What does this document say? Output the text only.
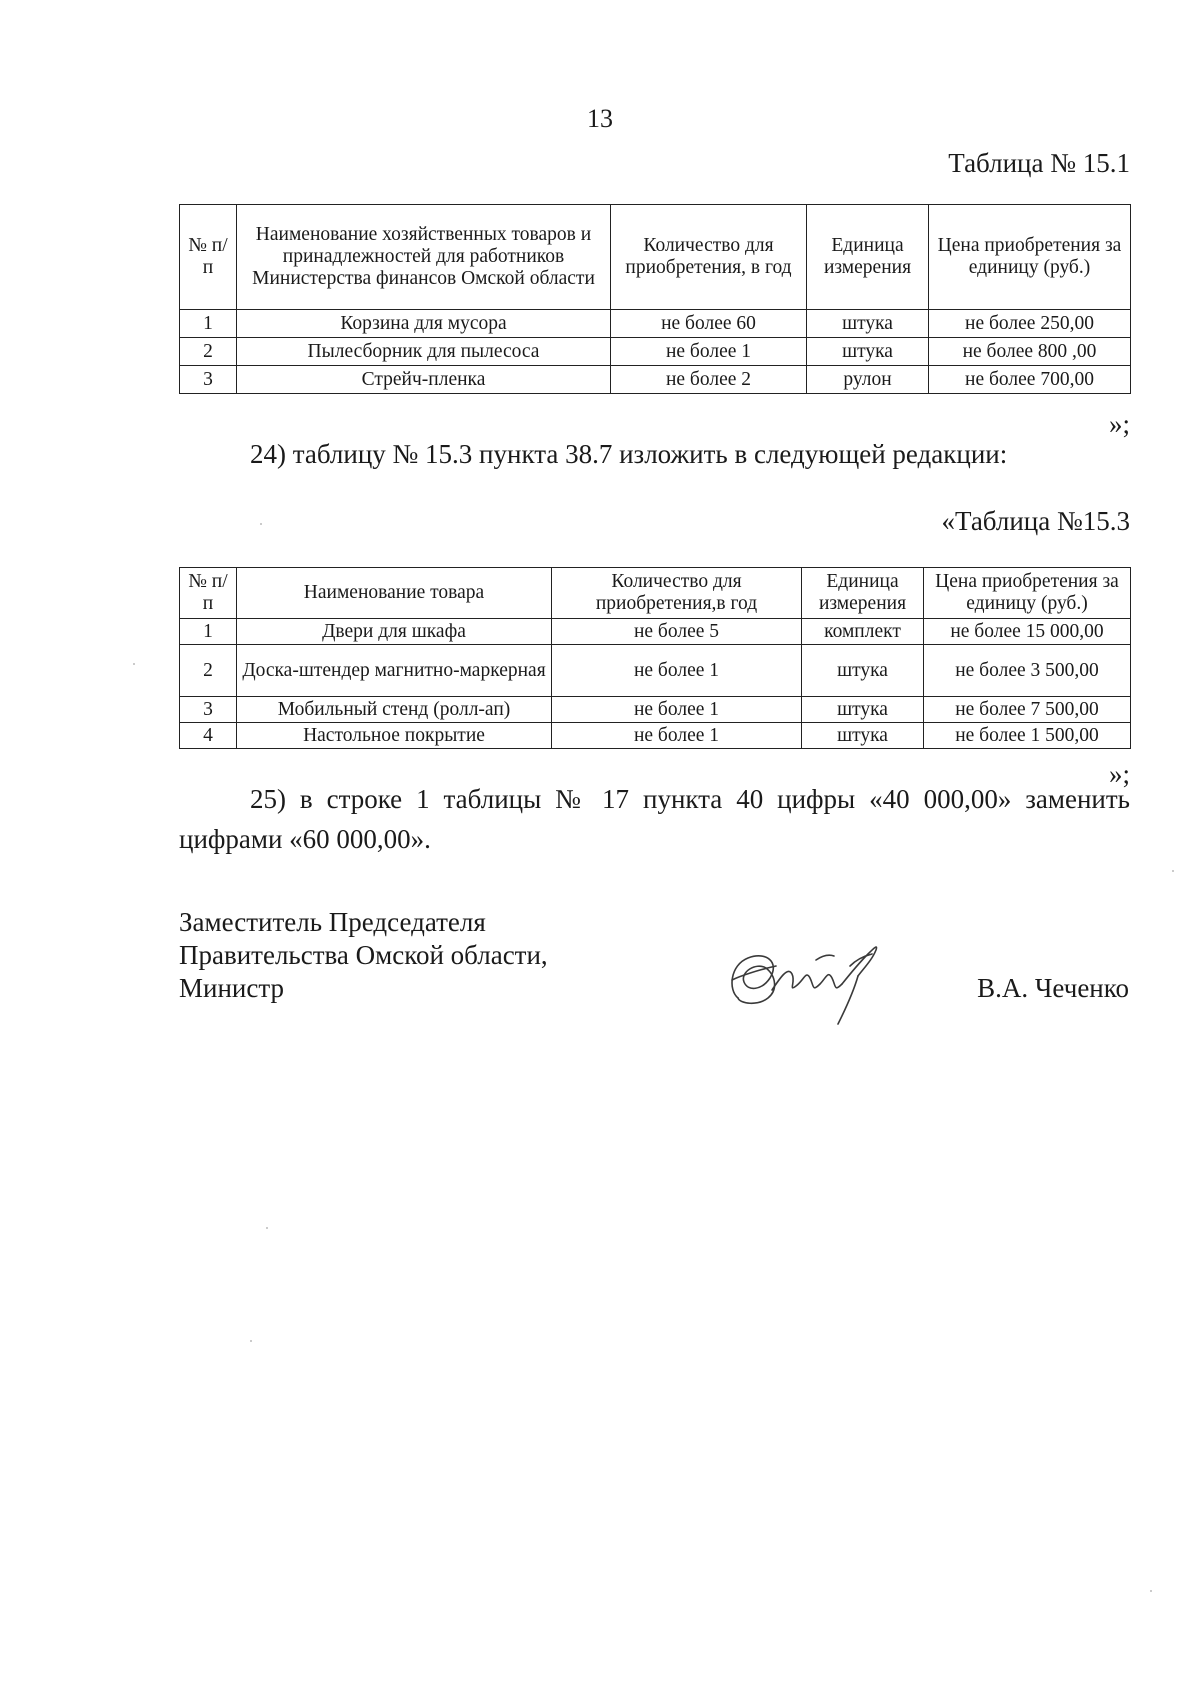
13
Таблица № 15.1
№ п/п	Наименование хозяйственных товаров и принадлежностей для работников Министерства финансов Омской области	Количество для приобретения, в год	Единица измерения	Цена приобретения за единицу (руб.)
1	Корзина для мусора	не более 60	штука	не более 250,00
2	Пылесборник для пылесоса	не более 1	штука	не более 800 ,00
3	Стрейч-пленка	не более 2	рулон	не более 700,00
»;
24) таблицу № 15.3 пункта 38.7 изложить в следующей редакции:
«Таблица №15.3
№ п/п	Наименование товара	Количество для приобретения,в год	Единица измерения	Цена приобретения за единицу (руб.)
1	Двери для шкафа	не более 5	комплект	не более 15 000,00
2	Доска-штендер магнитно-маркерная	не более 1	штука	не более 3 500,00
3	Мобильный стенд (ролл-ап)	не более 1	штука	не более 7 500,00
4	Настольное покрытие	не более 1	штука	не более 1 500,00
»;
25) в строке 1 таблицы № 17 пункта 40 цифры «40 000,00» заменить цифрами «60 000,00».
Заместитель Председателя
Правительства Омской области,
Министр	В.А. Чеченко
